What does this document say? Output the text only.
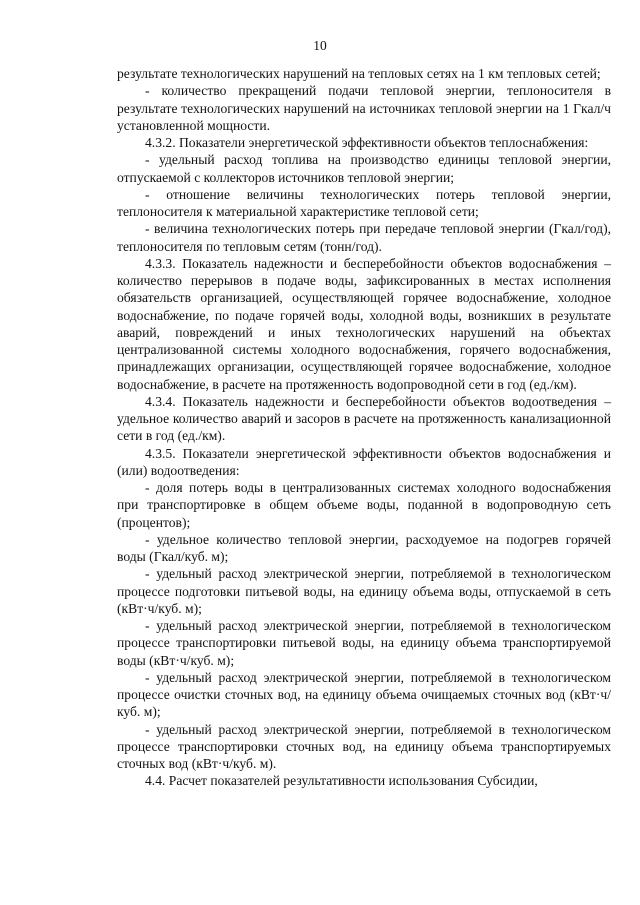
10

результате технологических нарушений на тепловых сетях на 1 км тепловых сетей;

- количество прекращений подачи тепловой энергии, теплоносителя в результате технологических нарушений на источниках тепловой энергии на 1 Гкал/ч установленной мощности.

4.3.2. Показатели энергетической эффективности объектов теплоснабжения:

- удельный расход топлива на производство единицы тепловой энергии, отпускаемой с коллекторов источников тепловой энергии;

- отношение величины технологических потерь тепловой энергии, теплоносителя к материальной характеристике тепловой сети;

- величина технологических потерь при передаче тепловой энергии (Гкал/год), теплоносителя по тепловым сетям (тонн/год).

4.3.3. Показатель надежности и бесперебойности объектов водоснабжения – количество перерывов в подаче воды, зафиксированных в местах исполнения обязательств организацией, осуществляющей горячее водоснабжение, холодное водоснабжение, по подаче горячей воды, холодной воды, возникших в результате аварий, повреждений и иных технологических нарушений на объектах централизованной системы холодного водоснабжения, горячего водоснабжения, принадлежащих организации, осуществляющей горячее водоснабжение, холодное водоснабжение, в расчете на протяженность водопроводной сети в год (ед./км).

4.3.4. Показатель надежности и бесперебойности объектов водоотведения – удельное количество аварий и засоров в расчете на протяженность канализационной сети в год (ед./км).

4.3.5. Показатели энергетической эффективности объектов водоснабжения и (или) водоотведения:

- доля потерь воды в централизованных системах холодного водоснабжения при транспортировке в общем объеме воды, поданной в водопроводную сеть (процентов);

- удельное количество тепловой энергии, расходуемое на подогрев горячей воды (Гкал/куб. м);

- удельный расход электрической энергии, потребляемой в технологическом процессе подготовки питьевой воды, на единицу объема воды, отпускаемой в сеть (кВт·ч/куб. м);

- удельный расход электрической энергии, потребляемой в технологическом процессе транспортировки питьевой воды, на единицу объема транспортируемой воды (кВт·ч/куб. м);

- удельный расход электрической энергии, потребляемой в технологическом процессе очистки сточных вод, на единицу объема очищаемых сточных вод (кВт·ч/куб. м);

- удельный расход электрической энергии, потребляемой в технологическом процессе транспортировки сточных вод, на единицу объема транспортируемых сточных вод (кВт·ч/куб. м).

4.4. Расчет показателей результативности использования Субсидии,
